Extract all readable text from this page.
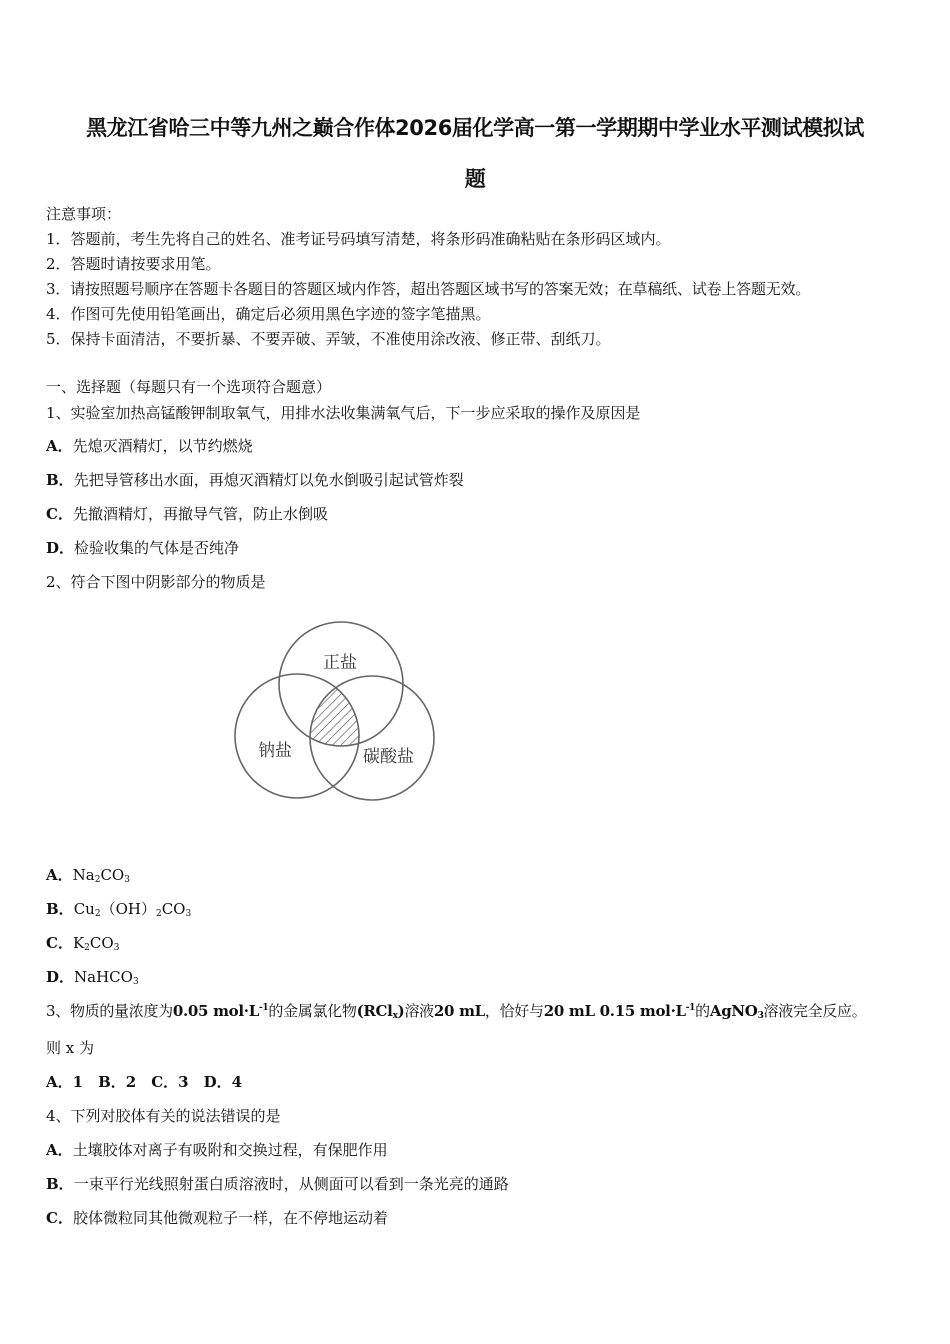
黑龙江省哈三中等九州之巅合作体2026届化学高一第一学期期中学业水平测试模拟试
题
注意事项：
1．答题前，考生先将自己的姓名、准考证号码填写清楚，将条形码准确粘贴在条形码区域内。
2．答题时请按要求用笔。
3．请按照题号顺序在答题卡各题目的答题区域内作答，超出答题区域书写的答案无效；在草稿纸、试卷上答题无效。
4．作图可先使用铅笔画出，确定后必须用黑色字迹的签字笔描黑。
5．保持卡面清洁，不要折暴、不要弄破、弄皱，不准使用涂改液、修正带、刮纸刀。
一、选择题（每题只有一个选项符合题意）
1、实验室加热高锰酸钾制取氧气，用排水法收集满氧气后，下一步应采取的操作及原因是
A．先熄灭酒精灯，以节约燃烧
B．先把导管移出水面，再熄灭酒精灯以免水倒吸引起试管炸裂
C．先撤酒精灯，再撤导气管，防止水倒吸
D．检验收集的气体是否纯净
2、符合下图中阴影部分的物质是
正盐
钠盐	碳酸盐
A．$Na_2CO_3$
B．$Cu_2(OH)_2CO_3$
C．$K_2CO_3$
D．NaHCO$_3$
3、物质的量浓度为0.05 $mol\cdot L^{-1}$的金属氯化物(RCl$_x$)溶液20 mL，恰好与20 mL 0.15 $mol\cdot L^{-1}$的AgNO$_3$溶液完全反应。
则 x 为
A．1　B．2　C．3　D．4
4、下列对胶体有关的说法错误的是
A．土壤胶体对离子有吸附和交换过程，有保肥作用
B．一束平行光线照射蛋白质溶液时，从侧面可以看到一条光亮的通路
C．胶体微粒同其他微观粒子一样，在不停地运动着
